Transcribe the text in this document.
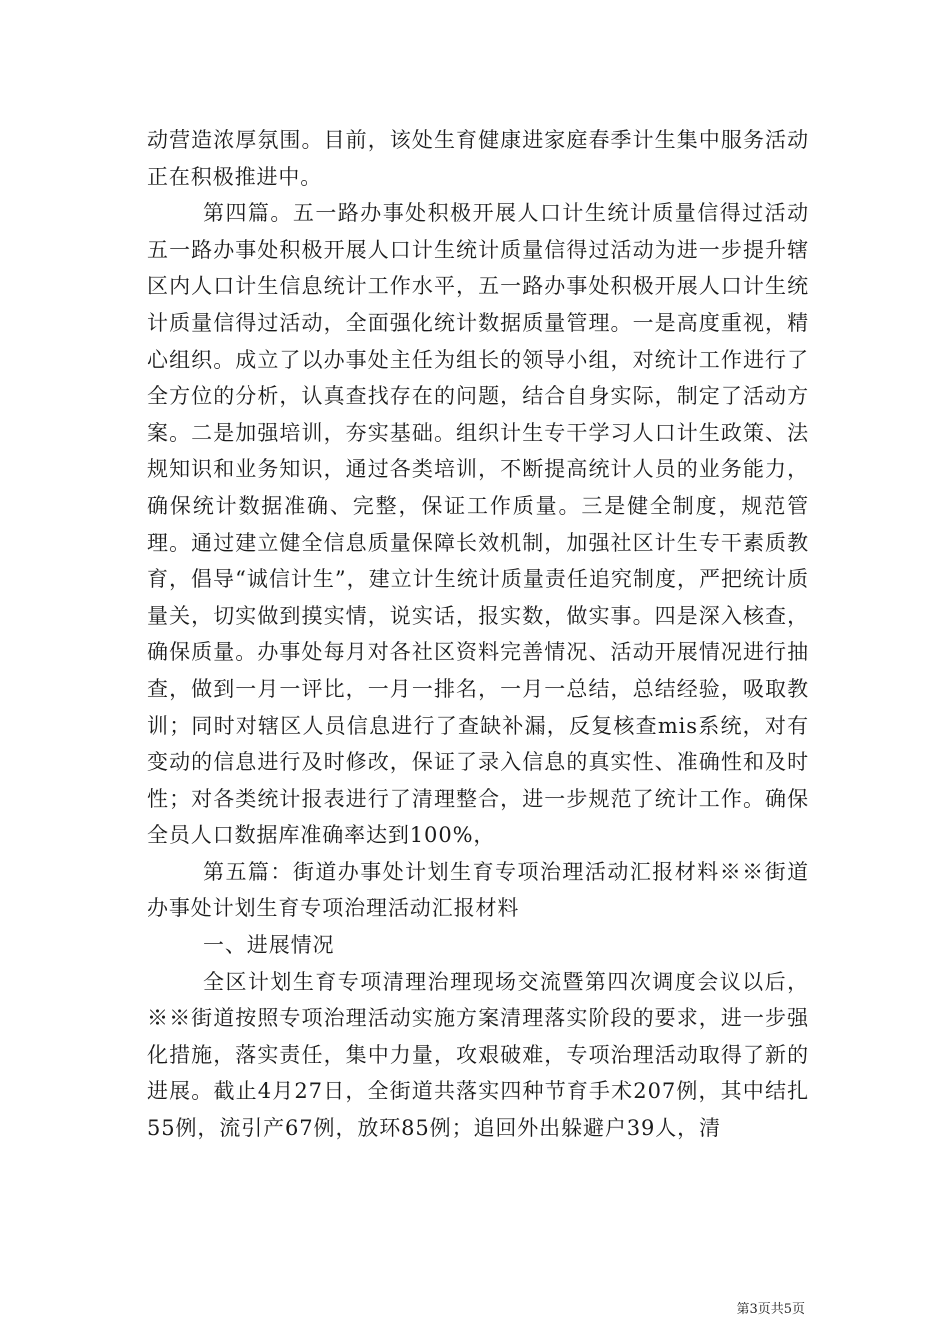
动营造浓厚氛围。目前，该处生育健康进家庭春季计生集中服务活动正在积极推进中。

第四篇。五一路办事处积极开展人口计生统计质量信得过活动五一路办事处积极开展人口计生统计质量信得过活动为进一步提升辖区内人口计生信息统计工作水平，五一路办事处积极开展人口计生统计质量信得过活动，全面强化统计数据质量管理。一是高度重视，精心组织。成立了以办事处主任为组长的领导小组，对统计工作进行了全方位的分析，认真查找存在的问题，结合自身实际，制定了活动方案。二是加强培训，夯实基础。组织计生专干学习人口计生政策、法规知识和业务知识，通过各类培训，不断提高统计人员的业务能力，确保统计数据准确、完整，保证工作质量。三是健全制度，规范管理。通过建立健全信息质量保障长效机制，加强社区计生专干素质教育，倡导“诚信计生”，建立计生统计质量责任追究制度，严把统计质量关，切实做到摸实情，说实话，报实数，做实事。四是深入核查，确保质量。办事处每月对各社区资料完善情况、活动开展情况进行抽查，做到一月一评比，一月一排名，一月一总结，总结经验，吸取教训；同时对辖区人员信息进行了查缺补漏，反复核查mis系统，对有变动的信息进行及时修改，保证了录入信息的真实性、准确性和及时性；对各类统计报表进行了清理整合，进一步规范了统计工作。确保全员人口数据库准确率达到100%，

第五篇：街道办事处计划生育专项治理活动汇报材料※※街道办事处计划生育专项治理活动汇报材料

一、进展情况

全区计划生育专项清理治理现场交流暨第四次调度会议以后，※※街道按照专项治理活动实施方案清理落实阶段的要求，进一步强化措施，落实责任，集中力量，攻艰破难，专项治理活动取得了新的进展。截止4月27日，全街道共落实四种节育手术207例，其中结扎55例，流引产67例，放环85例；追回外出躲避户39人，清

第3页共5页
